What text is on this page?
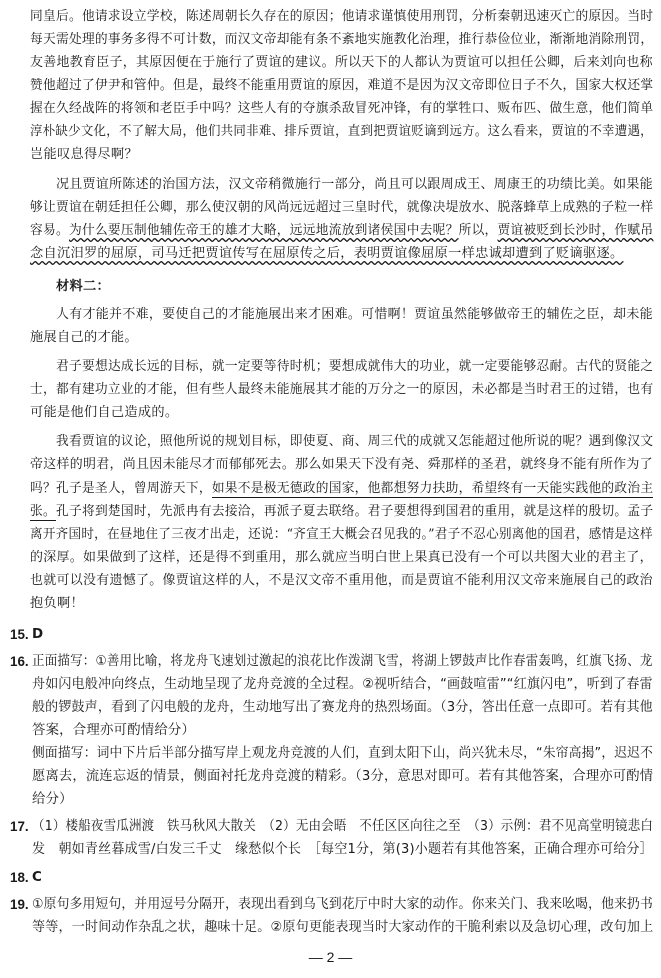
同皇后。他请求设立学校，陈述周朝长久存在的原因；他请求谨慎使用刑罚，分析秦朝迅速灭亡的原因。当时
每天需处理的事务多得不可计数，而汉文帝却能有条不紊地实施教化治理，推行恭俭位业，渐渐地消除刑罚，
友善地教育臣子，其原因便在于施行了贾谊的建议。所以天下的人都认为贾谊可以担任公卿，后来刘向也称
赞他超过了伊尹和管仲。但是，最终不能重用贾谊的原因，难道不是因为汉文帝即位日子不久，国家大权还掌
握在久经战阵的将领和老臣手中吗？这些人有的夺旗杀敌冒死冲锋，有的掌牲口、贩布匹、做生意，他们简单
淳朴缺少文化，不了解大局，他们共同非难、排斥贾谊，直到把贾谊贬谪到远方。这么看来，贾谊的不幸遭遇，
岂能叹息得尽啊？
况且贾谊所陈述的治国方法，汉文帝稍微施行一部分，尚且可以跟周成王、周康王的功绩比美。如果能
够让贾谊在朝廷担任公卿，那么使汉朝的风尚远远超过三皇时代，就像决堤放水、脱落蜂草上成熟的子粒一样
容易。为什么要压制他辅佐帝王的雄才大略，远远地流放到诸侯国中去呢？所以，贾谊被贬到长沙时，作赋吊
念自沉汨罗的屈原，司马迁把贾谊传写在屈原传之后，表明贾谊像屈原一样忠诚却遭到了贬谪驱逐。
材料二：
人有才能并不难，要使自己的才能施展出来才困难。可惜啊！贾谊虽然能够做帝王的辅佐之臣，却未能
施展自己的才能。
君子要想达成长远的目标，就一定要等待时机；要想成就伟大的功业，就一定要能够忍耐。古代的贤能之
士，都有建功立业的才能，但有些人最终未能施展其才能的万分之一的原因，未必都是当时君王的过错，也有
可能是他们自己造成的。
我看贾谊的议论，照他所说的规划目标，即使夏、商、周三代的成就又怎能超过他所说的呢？遇到像汉文
帝这样的明君，尚且因未能尽才而郁郁死去。那么如果天下没有尧、舜那样的圣君，就终身不能有所作为了
吗？孔子是圣人，曾周游天下，如果不是极无德政的国家，他都想努力扶助，希望终有一天能实践他的政治主
张。孔子将到楚国时，先派冉有去接洽，再派子夏去联络。君子要想得到国君的重用，就是这样的殷切。孟子
离开齐国时，在昼地住了三夜才出走，还说：“齐宣王大概会召见我的。”君子不忍心别离他的国君，感情是这样
的深厚。如果做到了这样，还是得不到重用，那么就应当明白世上果真已没有一个可以共图大业的君主了，
也就可以没有遗憾了。像贾谊这样的人，不是汉文帝不重用他，而是贾谊不能利用汉文帝来施展自己的政治
抱负啊！
15. D
16. 正面描写：①善用比喻，将龙舟飞速划过激起的浪花比作泼湖飞雪，将湖上锣鼓声比作春雷轰鸣，红旗飞扬、龙
舟如闪电般冲向终点，生动地呈现了龙舟竞渡的全过程。②视听结合，“画鼓喧雷”“红旗闪电”，听到了春雷
般的锣鼓声，看到了闪电般的龙舟，生动地写出了赛龙舟的热烈场面。（3分，答出任意一点即可。若有其他
答案，合理亦可酌情给分）
侧面描写：词中下片后半部分描写岸上观龙舟竞渡的人们，直到太阳下山，尚兴犹未尽，“朱帘高揭”，迟迟不
愿离去，流连忘返的情景，侧面衬托龙舟竞渡的精彩。（3分，意思对即可。若有其他答案，合理亦可酌情
给分）
17. （1）楼船夜雪瓜洲渡　铁马秋风大散关　（2）无由会晤　不任区区向往之至　（3）示例：君不见高堂明镜悲白
发　朝如青丝暮成雪/白发三千丈　缘愁似个长　［每空1分，第(3)小题若有其他答案，正确合理亦可给分］
18. C
19. ①原句多用短句，并用逗号分隔开，表现出看到乌飞到花厅中时大家的动作。你来关门、我来吆喝，他来扔书
等等，一时间动作杂乱之状，趣味十足。②原句更能表现当时大家动作的干脆利索以及急切心理，改句加上
— 2 —
